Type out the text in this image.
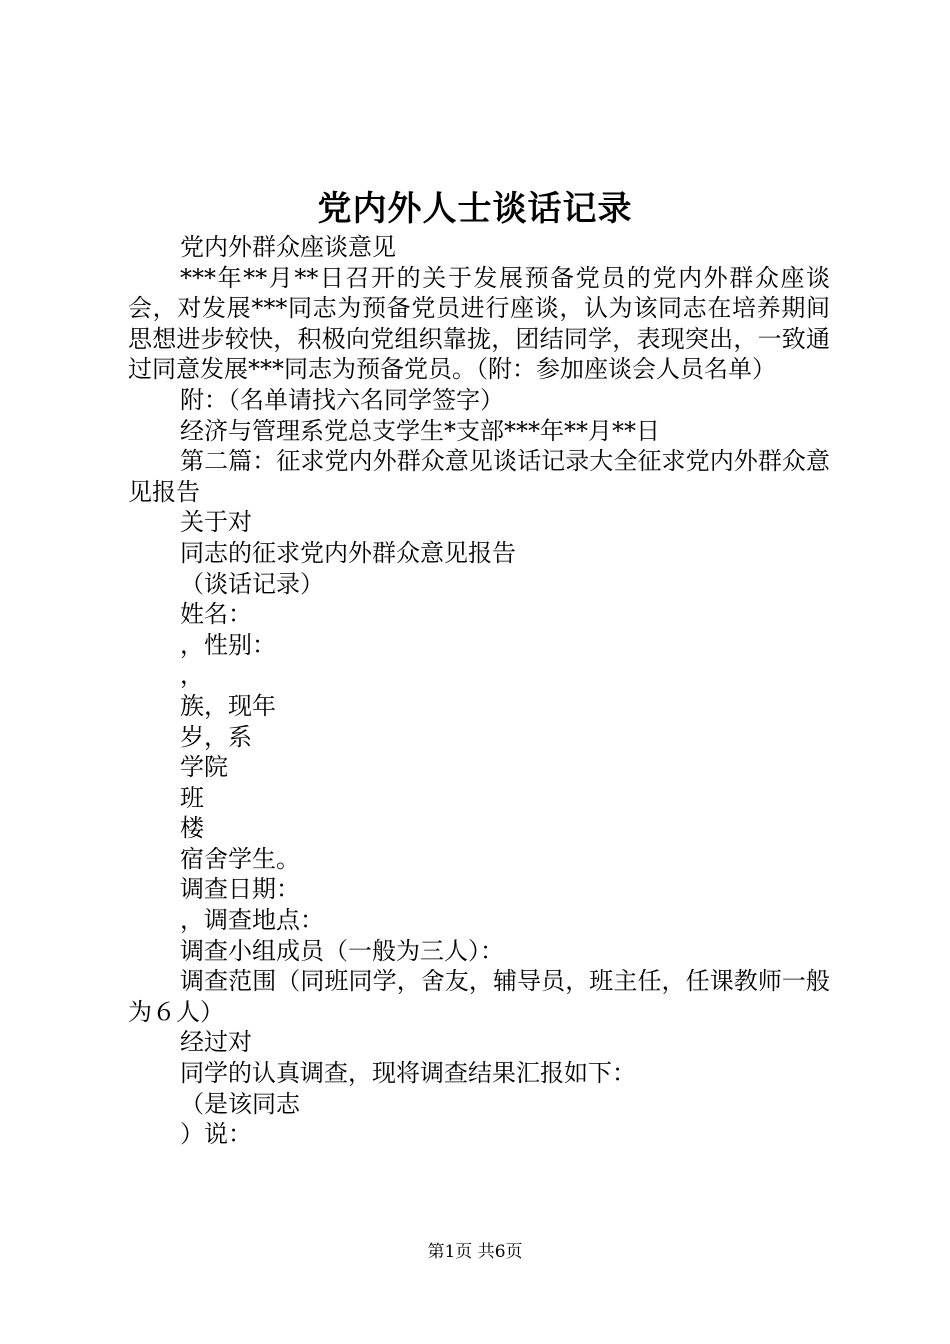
党内外人士谈话记录

党内外群众座谈意见

***年**月**日召开的关于发展预备党员的党内外群众座谈会，对发展***同志为预备党员进行座谈，认为该同志在培养期间思想进步较快，积极向党组织靠拢，团结同学，表现突出，一致通过同意发展***同志为预备党员。（附：参加座谈会人员名单）

附：（名单请找六名同学签字）

经济与管理系党总支学生*支部***年**月**日

第二篇：征求党内外群众意见谈话记录大全征求党内外群众意见报告

关于对

同志的征求党内外群众意见报告

（谈话记录）

姓名：

，性别：

，

族，现年

岁，系

学院

班

楼

宿舍学生。

调查日期：

，调查地点：

调查小组成员（一般为三人）：

调查范围（同班同学，舍友，辅导员，班主任，任课教师一般为６人）

经过对

同学的认真调查，现将调查结果汇报如下：

（是该同志

）说：

第1页 共6页
